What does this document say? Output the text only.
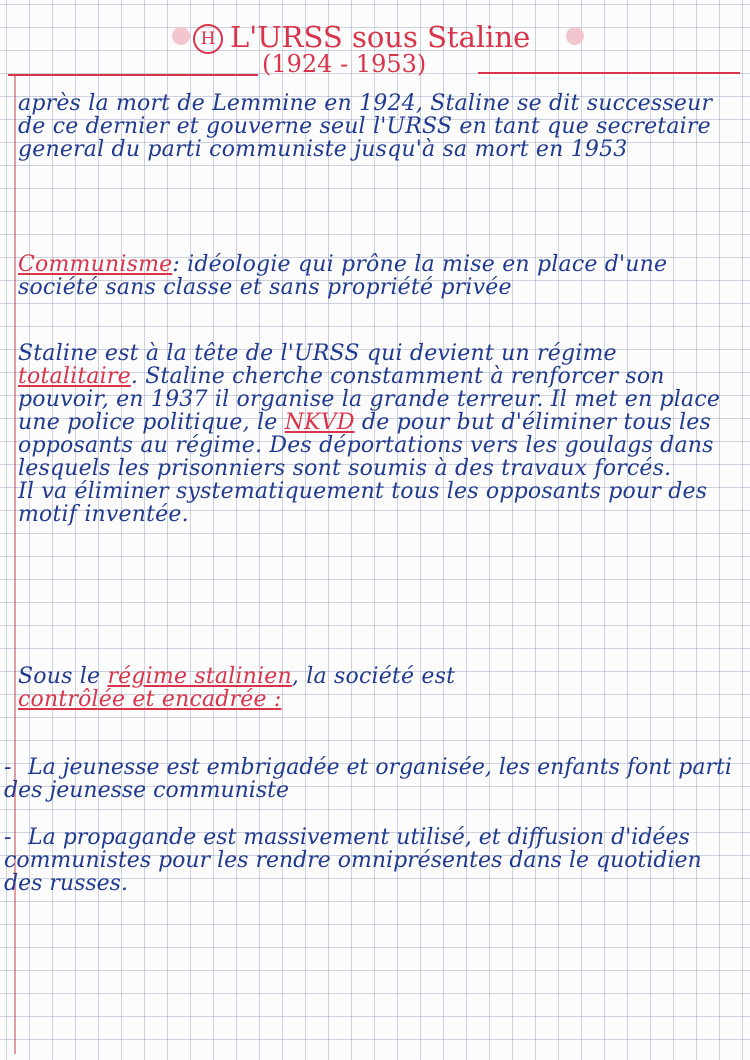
H L'URSS sous Staline
(1924 - 1953)
après la mort de Lemmine en 1924, Staline se dit successeur de ce dernier et gouverne seul l'URSS en tant que secretaire general du parti communiste jusqu'à sa mort en 1953
Communisme: idéologie qui prône la mise en place d'une société sans classe et sans propriété privée
Staline est à la tête de l'URSS qui devient un régime totalitaire. Staline cherche constamment à renforcer son pouvoir, en 1937 il organise la grande terreur. Il met en place une police politique, le NKVD de pour but d'éliminer tous les opposants au régime. Des déportations vers les goulags dans lesquels les prisonniers sont soumis à des travaux forcés.
Il va éliminer systematiquement tous les opposants pour des motif inventée.
Sous le régime stalinien, la société est
contrôlée et encadrée :
- La jeunesse est embrigadée et organisée, les enfants font parti des jeunesse communiste
- La propagande est massivement utilisé, et diffusion d'idées communistes pour les rendre omniprésentes dans le quotidien des russes.
